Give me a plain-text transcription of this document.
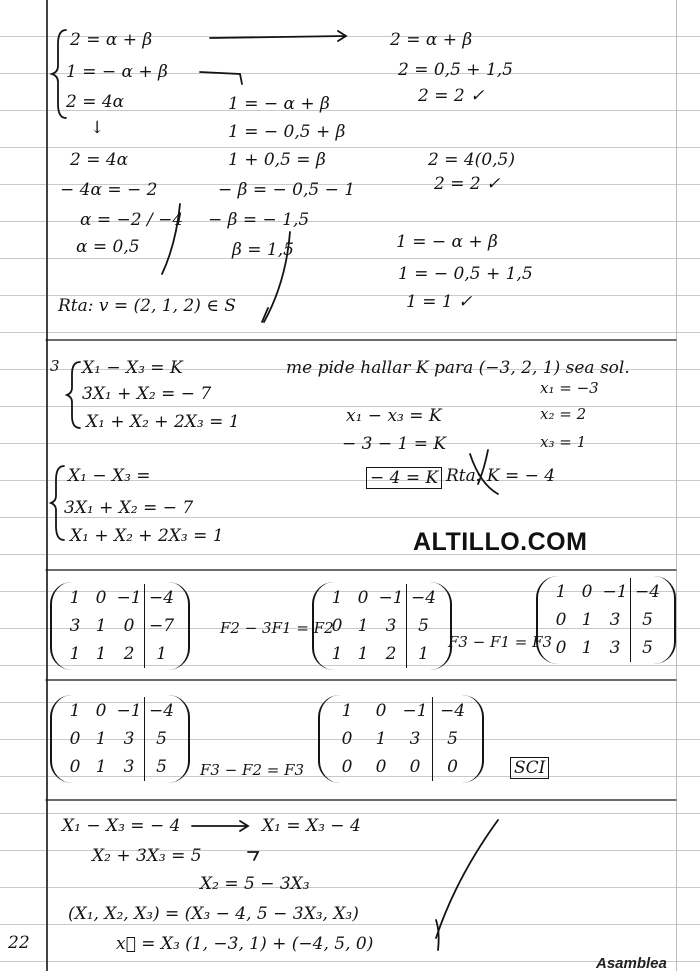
2 = α + β
1 = − α + β
2 = 4α
↓
2 = 4α
− 4α = − 2
α = −2 / −4
α = 0,5
1 = − α + β
1 = − 0,5 + β
1 + 0,5 = β
− β = − 0,5 − 1
− β = − 1,5
β = 1,5
2 = α + β
2 = 0,5 + 1,5
2 = 2 ✓
2 = 4(0,5)
2 = 2 ✓
1 = − α + β
1 = − 0,5 + 1,5
1 = 1 ✓
Rta: v = (2, 1, 2) ∈ S
3 X₁ − X₃ = K
3X₁ + X₂ = − 7
X₁ + X₂ + 2X₃ = 1
me pide hallar K para (−3, 2, 1) sea sol.
x₁ = −3
x₂ = 2
x₃ = 1
x₁ − x₃ = K
− 3 − 1 = K
− 4 = K Rta: K = − 4
X₁ − X₃ =
3X₁ + X₂ = − 7
X₁ + X₂ + 2X₃ = 1	ALTILLO.COM
1 0 −1 −4
3 1	0 −7
1 1	2	1
F2 − 3F1 = F2
1 0 −1 −4
0 1	3	5
1 1	2	1
F3 − F1 = F3
1 0 −1 −4
0 1	3	5
0 1	3	5
1 0 −1 −4
0 1	3	5
0 1	3	5	F3 − F2 = F3
1	0 −1 −4
0	1	3	5
0	0	0	0	SCI
X₁ − X₃ = − 4	X₁ = X₃ − 4
X₂ + 3X₃ = 5
X₂ = 5 − 3X₃
(X₁, X₂, X₃) = (X₃ − 4, 5 − 3X₃, X₃)
x⃗ = X₃ (1, −3, 1) + (−4, 5, 0)
22
Asamblea
